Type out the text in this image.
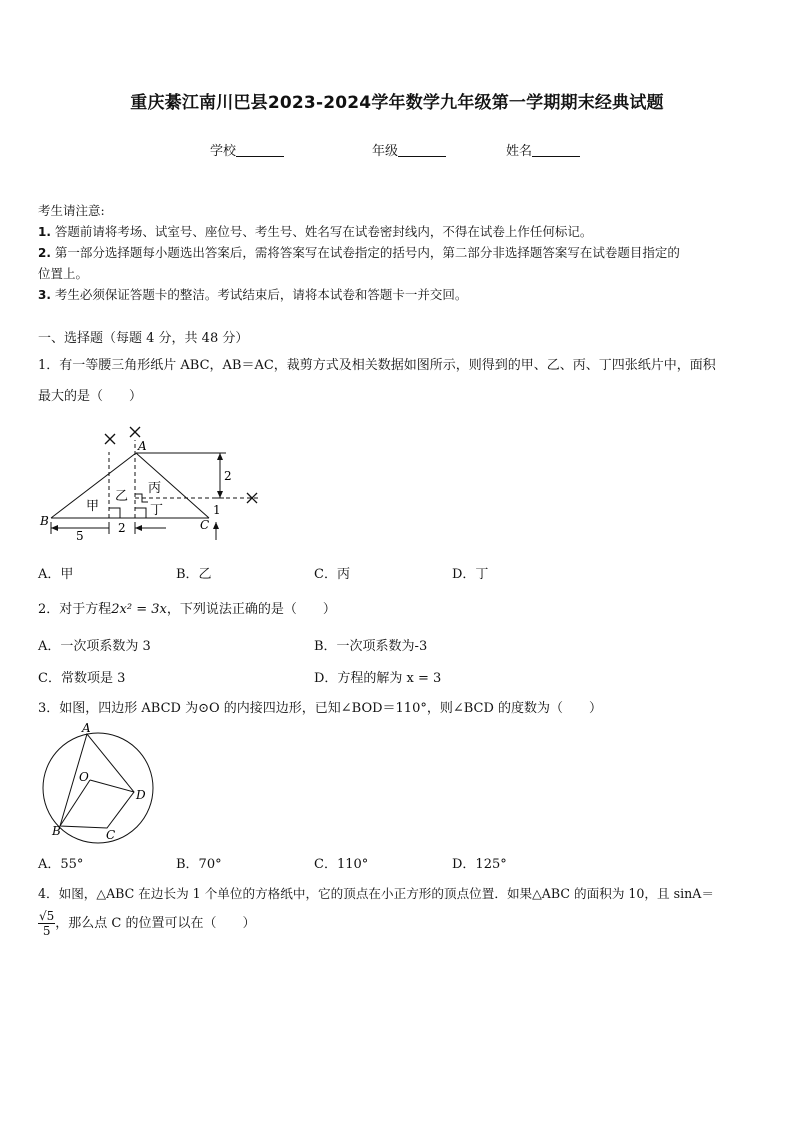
重庆綦江南川巴县2023-2024学年数学九年级第一学期期末经典试题
学校	年级	姓名
考生请注意:
1. 答题前请将考场、试室号、座位号、考生号、姓名写在试卷密封线内，不得在试卷上作任何标记。
2. 第一部分选择题每小题选出答案后，需将答案写在试卷指定的括号内，第二部分非选择题答案写在试卷题目指定的
位置上。
3. 考生必须保证答题卡的整洁。考试结束后，请将本试卷和答题卡一并交回。
一、选择题（每题 4 分，共 48 分）
1．有一等腰三角形纸片 ABC，AB＝AC，裁剪方式及相关数据如图所示，则得到的甲、乙、丙、丁四张纸片中，面积
最大的是（　　）
A
B	C
甲
乙
丙
丁
2
5
2
1
A．甲	B．乙	C．丙	D．丁
2．对于方程2x² = 3x，下列说法正确的是（　　）
A．一次项系数为 3	B．一次项系数为-3
C．常数项是 3	D．方程的解为 x = 3
3．如图，四边形 ABCD 为⊙O 的内接四边形，已知∠BOD＝110°，则∠BCD 的度数为（　　）
A
O
D
B	C
A．55°	B．70°	C．110°	D．125°
4．如图，△ABC 在边长为 1 个单位的方格纸中，它的顶点在小正方形的顶点位置．如果△ABC 的面积为 10，且 sinA＝
$\frac{√5}{5}$ ，那么点 C 的位置可以在（　　）
